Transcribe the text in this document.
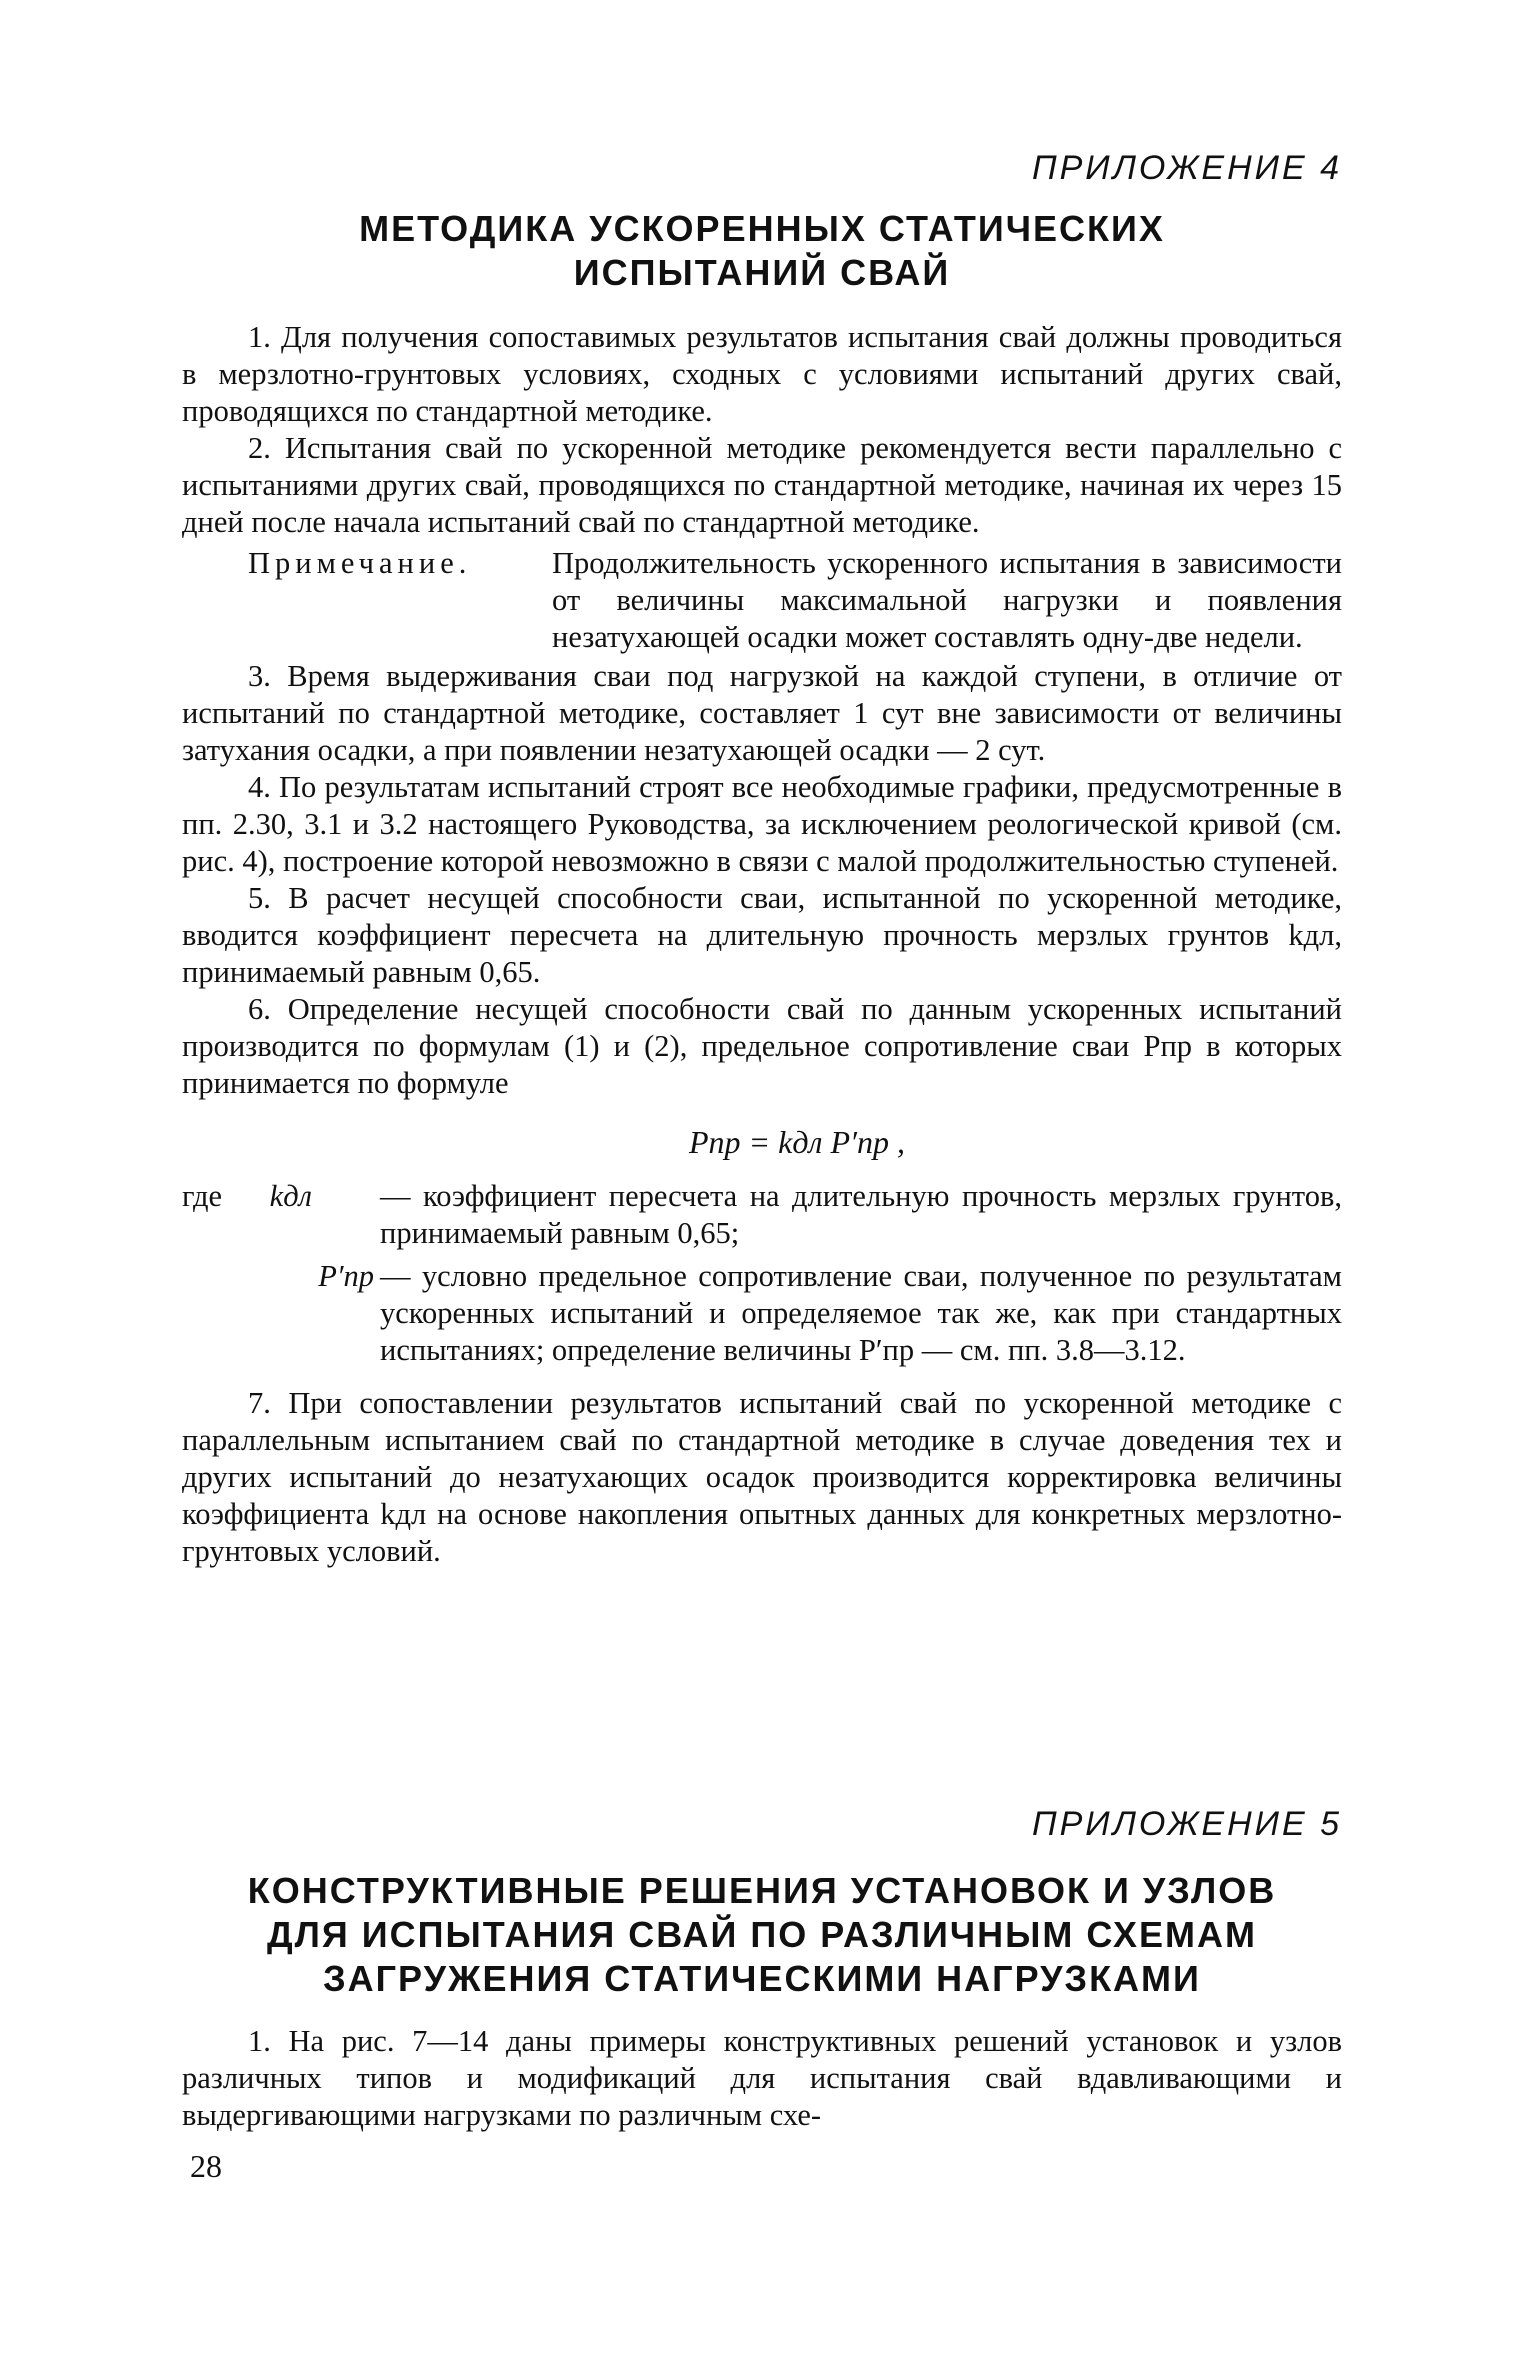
ПРИЛОЖЕНИЕ 4

МЕТОДИКА УСКОРЕННЫХ СТАТИЧЕСКИХ

ИСПЫТАНИЙ СВАЙ

1. Для получения сопоставимых результатов испытания свай должны проводиться в мерзлотно-грунтовых условиях, сходных с условиями испытаний других свай, проводящихся по стандартной методике.

2. Испытания свай по ускоренной методике рекомендуется вести параллельно с испытаниями других свай, проводящихся по стандартной методике, начиная их через 15 дней после начала испытаний свай по стандартной методике.

Примечание.	Продолжительность ускоренного испытания в зависимости от величины максимальной нагрузки и появления незатухающей осадки может составлять одну-две недели.

3. Время выдерживания сваи под нагрузкой на каждой ступени, в отличие от испытаний по стандартной методике, составляет 1 сут вне зависимости от величины затухания осадки, а при появлении незатухающей осадки — 2 сут.

4. По результатам испытаний строят все необходимые графики, предусмотренные в пп. 2.30, 3.1 и 3.2 настоящего Руководства, за исключением реологической кривой (см. рис. 4), построение которой невозможно в связи с малой продолжительностью ступеней.

5. В расчет несущей способности сваи, испытанной по ускоренной методике, вводится коэффициент пересчета на длительную прочность мерзлых грунтов kдл, принимаемый равным 0,65.

6. Определение несущей способности свай по данным ускоренных испытаний производится по формулам (1) и (2), предельное сопротивление сваи Pпр в которых принимается по формуле

Pпр = kдл P′пр ,
где kдл	— коэффициент пересчета на длительную прочность мерзлых грунтов, принимаемый равным 0,65;
P′пр — условно предельное сопротивление сваи, полученное по результатам ускоренных испытаний и определяемое так же, как при стандартных испытаниях; определение величины P′пр — см. пп. 3.8—3.12.

7. При сопоставлении результатов испытаний свай по ускоренной методике с параллельным испытанием свай по стандартной методике в случае доведения тех и других испытаний до незатухающих осадок производится корректировка величины коэффициента kдл на основе накопления опытных данных для конкретных мерзлотно-грунтовых условий.

ПРИЛОЖЕНИЕ 5

КОНСТРУКТИВНЫЕ РЕШЕНИЯ УСТАНОВОК И УЗЛОВ

ДЛЯ ИСПЫТАНИЯ СВАЙ ПО РАЗЛИЧНЫМ СХЕМАМ

ЗАГРУЖЕНИЯ СТАТИЧЕСКИМИ НАГРУЗКАМИ

1. На рис. 7—14 даны примеры конструктивных решений установок и узлов различных типов и модификаций для испытания свай вдавливающими и выдергивающими нагрузками по различным схе-

28
